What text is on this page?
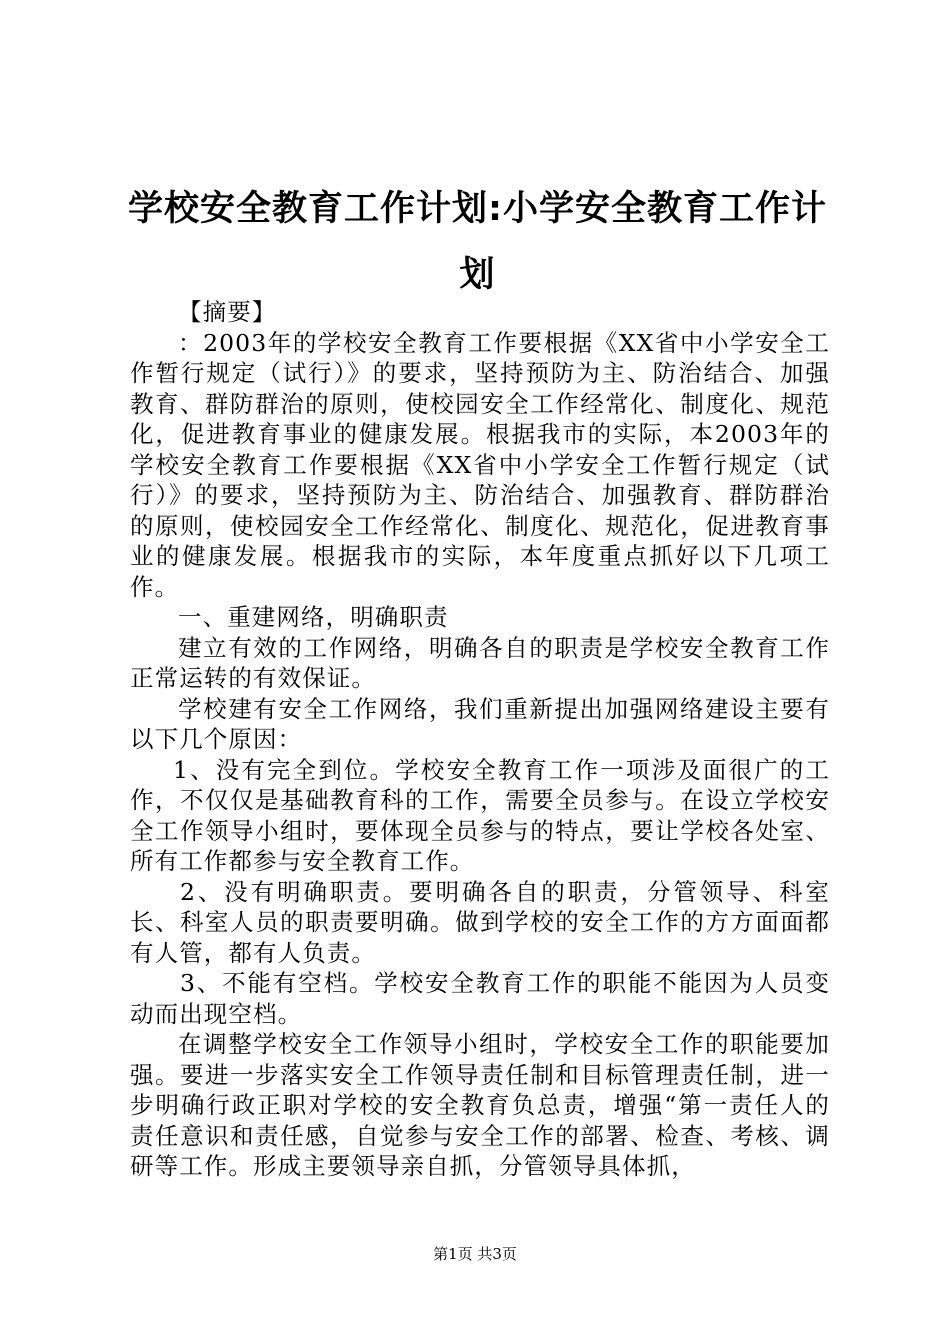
学校安全教育工作计划:小学安全教育工作计划

【摘要】

：2003年的学校安全教育工作要根据《XX省中小学安全工作暂行规定（试行）》的要求，坚持预防为主、防治结合、加强教育、群防群治的原则，使校园安全工作经常化、制度化、规范化，促进教育事业的健康发展。根据我市的实际，本2003年的学校安全教育工作要根据《XX省中小学安全工作暂行规定（试行）》的要求，坚持预防为主、防治结合、加强教育、群防群治的原则，使校园安全工作经常化、制度化、规范化，促进教育事业的健康发展。根据我市的实际，本年度重点抓好以下几项工作。

一、重建网络，明确职责

建立有效的工作网络，明确各自的职责是学校安全教育工作正常运转的有效保证。

学校建有安全工作网络，我们重新提出加强网络建设主要有以下几个原因：

1、没有完全到位。学校安全教育工作一项涉及面很广的工作，不仅仅是基础教育科的工作，需要全员参与。在设立学校安全工作领导小组时，要体现全员参与的特点，要让学校各处室、所有工作都参与安全教育工作。

2、没有明确职责。要明确各自的职责，分管领导、科室长、科室人员的职责要明确。做到学校的安全工作的方方面面都有人管，都有人负责。

3、不能有空档。学校安全教育工作的职能不能因为人员变动而出现空档。

在调整学校安全工作领导小组时，学校安全工作的职能要加强。要进一步落实安全工作领导责任制和目标管理责任制，进一步明确行政正职对学校的安全教育负总责，增强“第一责任人的责任意识和责任感，自觉参与安全工作的部署、检查、考核、调研等工作。形成主要领导亲自抓，分管领导具体抓，

第1页 共3页
